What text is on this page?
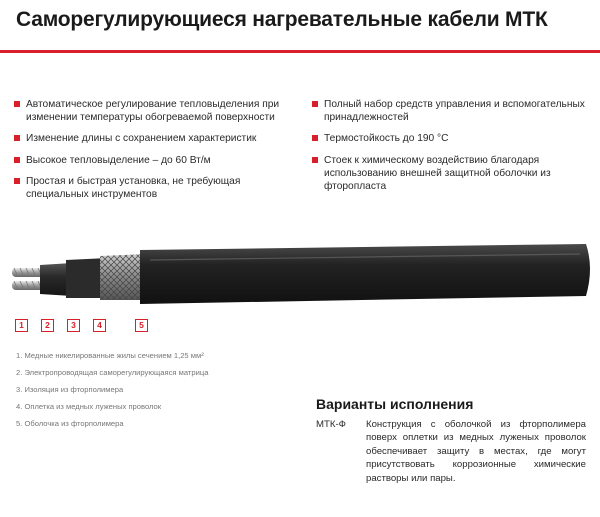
Саморегулирующиеся нагревательные кабели МТК
Автоматическое регулирование тепловыделения при изменении температуры обогреваемой поверхности
Изменение длины с сохранением характеристик
Высокое тепловыделение – до 60 Вт/м
Простая и быстрая установка, не требующая специальных инструментов
Полный набор средств управления и вспомогательных принадлежностей
Термостойкость до 190 °С
Стоек к химическому воздействию благодаря использованию внешней защитной оболочки из фторопласта
1	2	3	4	5
1. Медные никелированные жилы сечением 1,25 мм²
2. Электропроводящая саморегулирующаяся матрица
3. Изоляция из фторполимера
4. Оплетка из медных луженых проволок
5. Оболочка из фторполимера
Варианты исполнения
МТК-Ф Конструкция с оболочкой из фторполимера поверх оплетки из медных луженых проволок обеспечивает защиту в местах, где могут присутствовать коррозионные химические растворы или пары.
